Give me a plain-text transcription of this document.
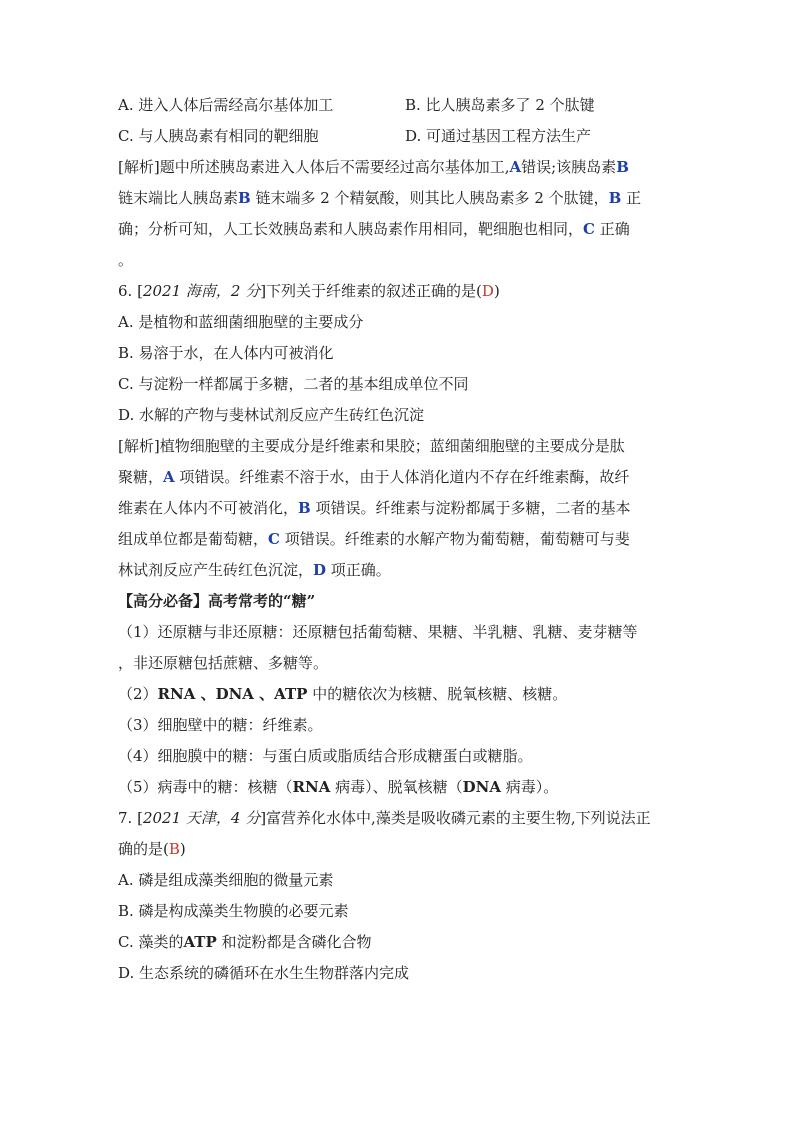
A. 进入人体后需经高尔基体加工	B. 比人胰岛素多了 2 个肽键
C. 与人胰岛素有相同的靶细胞	D. 可通过基因工程方法生产
[解析]题中所述胰岛素进入人体后不需要经过高尔基体加工,A错误;该胰岛素B
链末端比人胰岛素B 链末端多 2 个精氨酸，则其比人胰岛素多 2 个肽键，B 正
确；分析可知，人工长效胰岛素和人胰岛素作用相同，靶细胞也相同，C 正确
。
6. [2021 海南，2 分]下列关于纤维素的叙述正确的是(D)
A. 是植物和蓝细菌细胞壁的主要成分
B. 易溶于水，在人体内可被消化
C. 与淀粉一样都属于多糖，二者的基本组成单位不同
D. 水解的产物与斐林试剂反应产生砖红色沉淀
[解析]植物细胞壁的主要成分是纤维素和果胶；蓝细菌细胞壁的主要成分是肽
聚糖，A 项错误。纤维素不溶于水，由于人体消化道内不存在纤维素酶，故纤
维素在人体内不可被消化，B 项错误。纤维素与淀粉都属于多糖，二者的基本
组成单位都是葡萄糖，C 项错误。纤维素的水解产物为葡萄糖，葡萄糖可与斐
林试剂反应产生砖红色沉淀，D 项正确。
【高分必备】高考常考的“糖”
（1）还原糖与非还原糖：还原糖包括葡萄糖、果糖、半乳糖、乳糖、麦芽糖等
，非还原糖包括蔗糖、多糖等。
（2）RNA 、DNA 、ATP 中的糖依次为核糖、脱氧核糖、核糖。
（3）细胞壁中的糖：纤维素。
（4）细胞膜中的糖：与蛋白质或脂质结合形成糖蛋白或糖脂。
（5）病毒中的糖：核糖（RNA 病毒）、脱氧核糖（DNA 病毒）。
7. [2021 天津，4 分]富营养化水体中,藻类是吸收磷元素的主要生物,下列说法正
确的是(B)
A. 磷是组成藻类细胞的微量元素
B. 磷是构成藻类生物膜的必要元素
C. 藻类的ATP 和淀粉都是含磷化合物
D. 生态系统的磷循环在水生生物群落内完成
